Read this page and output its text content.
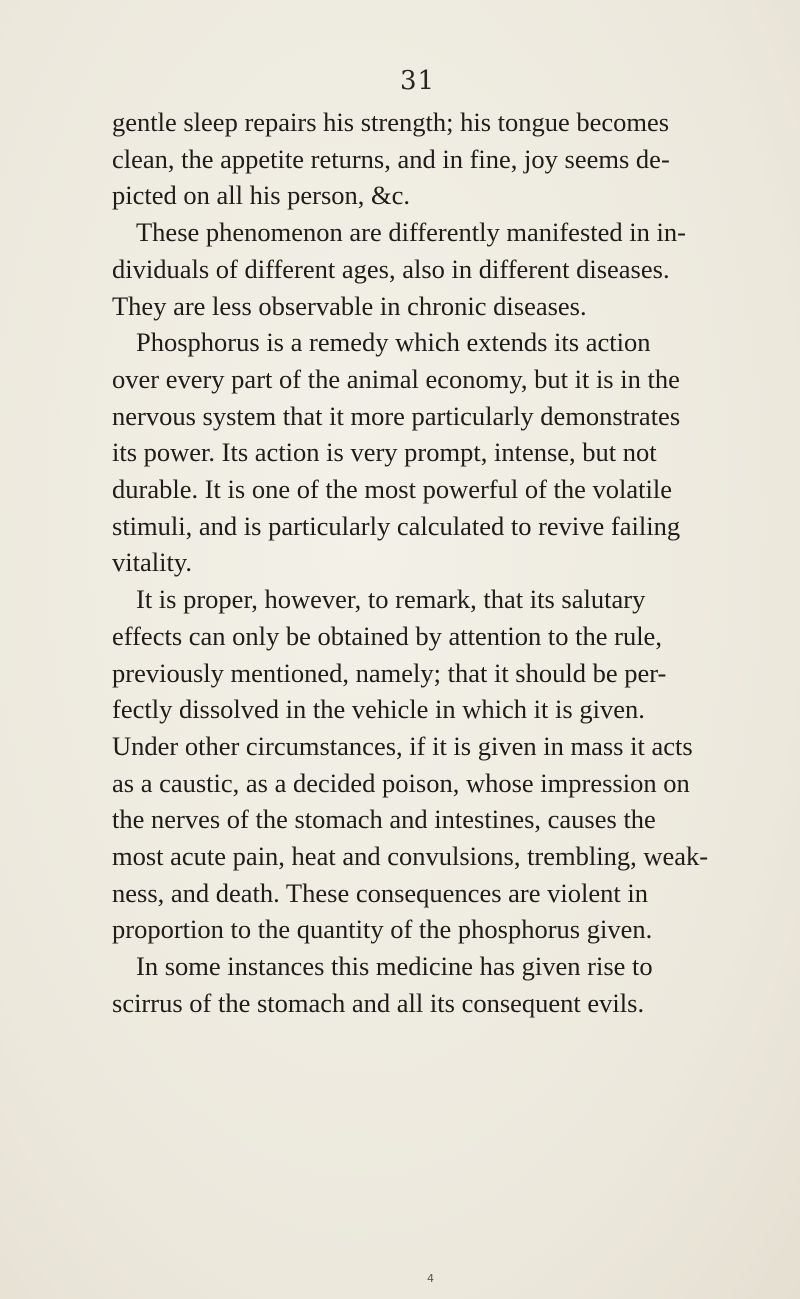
31
gentle sleep repairs his strength; his tongue becomes
clean, the appetite returns, and in fine, joy seems de-
picted on all his person, &c.
These phenomenon are differently manifested in in-
dividuals of different ages, also in different diseases.
They are less observable in chronic diseases.
Phosphorus is a remedy which extends its action
over every part of the animal economy, but it is in the
nervous system that it more particularly demonstrates
its power. Its action is very prompt, intense, but not
durable. It is one of the most powerful of the volatile
stimuli, and is particularly calculated to revive failing
vitality.
It is proper, however, to remark, that its salutary
effects can only be obtained by attention to the rule,
previously mentioned, namely; that it should be per-
fectly dissolved in the vehicle in which it is given.
Under other circumstances, if it is given in mass it acts
as a caustic, as a decided poison, whose impression on
the nerves of the stomach and intestines, causes the
most acute pain, heat and convulsions, trembling, weak-
ness, and death. These consequences are violent in
proportion to the quantity of the phosphorus given.
In some instances this medicine has given rise to
scirrus of the stomach and all its consequent evils.
4
